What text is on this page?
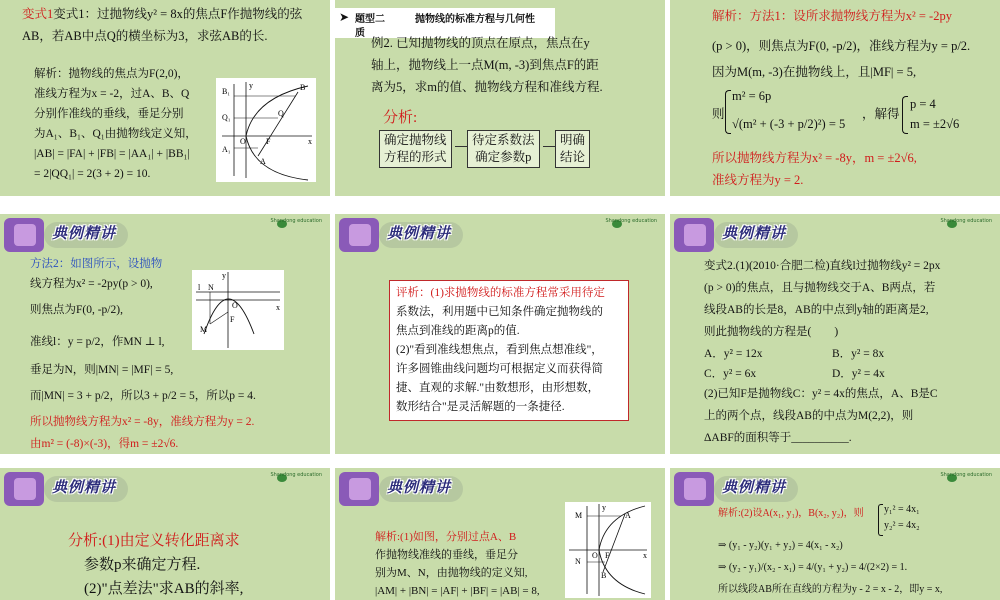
变式1变式1：过抛物线y² = 8x的焦点F作抛物线的弦
AB，若AB中点Q的横坐标为3，求弦AB的长.
解析：抛物线的焦点为F(2,0)，
准线方程为x = -2，过A、B、Q
分别作准线的垂线，垂足分别
为A₁、B₁、Q₁由抛物线定义知，
|AB| = |FA| + |FB| = |AA₁| + |BB₁|
= 2|QQ₁| = 2(3 + 2) = 10.
B₁
Q₁
A₁
O	F
B
Q
A
x
y
➤ 题型二
质
抛物线的标准方程与几何性
例2. 已知抛物线的顶点在原点，焦点在y
轴上，抛物线上一点M(m, -3)到焦点F的距
离为5，求m的值、抛物线方程和准线方程.
分析:
确定抛物线
方程的形式
待定系数法
确定参数p
明确
结论
解析：方法1：设所求抛物线方程为x² = -2py
(p > 0)，则焦点为F(0, -p/2)，准线方程为y = p/2.
因为M(m, -3)在抛物线上，且|MF| = 5,
则
m² = 6p
√(m² + (-3 + p/2)²) = 5
，解得
p = 4
m = ±2√6
所以抛物线方程为x² = -8y，m = ±2√6,
准线方程为y = 2.
典例精讲
Shandong education
方法2：如图所示，设抛物
线方程为x² = -2py(p > 0),
则焦点为F(0, -p/2),
准线l：y = p/2，作MN ⊥ l,
垂足为N，则|MN| = |MF| = 5,
而|MN| = 3 + p/2，所以3 + p/2 = 5，所以p = 4.
所以抛物线方程为x² = -8y，准线方程为y = 2.
由m² = (-8)×(-3)，得m = ±2√6.
y
l N
O	x
M
F
典例精讲
Shandong education
评析：(1)求抛物线的标准方程常采用待定
系数法，利用题中已知条件确定抛物线的
焦点到准线的距离p的值.
(2)"看到准线想焦点，看到焦点想准线"，
许多圆锥曲线问题均可根据定义而获得简
捷、直观的求解."由数想形，由形想数，
数形结合"是灵活解题的一条捷径.
典例精讲
Shandong education
变式2.(1)(2010·合肥二检)直线l过抛物线y² = 2px
(p > 0)的焦点，且与抛物线交于A、B两点，若
线段AB的长是8，AB的中点到y轴的距离是2,
则此抛物线的方程是(　　)
A．y² = 12x	B．y² = 8x
C．y² = 6x	D．y² = 4x
(2)已知F是抛物线C：y² = 4x的焦点，A、B是C
上的两个点，线段AB的中点为M(2,2)，则
ΔABF的面积等于__________.
典例精讲
Shandong education
分析:(1)由定义转化距离求
参数p来确定方程.
(2)"点差法"求AB的斜率,
典例精讲
解析:(1)如图，分别过点A、B
作抛物线准线的垂线，垂足分
别为M、N，由抛物线的定义知,
|AM| + |BN| = |AF| + |BF| = |AB| = 8,
M
N
O F
A
B
x
y
典例精讲
Shandong education
解析:(2)设A(x₁, y₁)，B(x₂, y₂)，则 y₁² = 4x₁
y₂² = 4x₂
⇒ (y₁ - y₂)(y₁ + y₂) = 4(x₁ - x₂)
⇒ (y₂ - y₁)/(x₂ - x₁) = 4/(y₁ + y₂) = 4/(2×2) = 1.
所以线段AB所在直线的方程为y - 2 = x - 2，即y = x,
